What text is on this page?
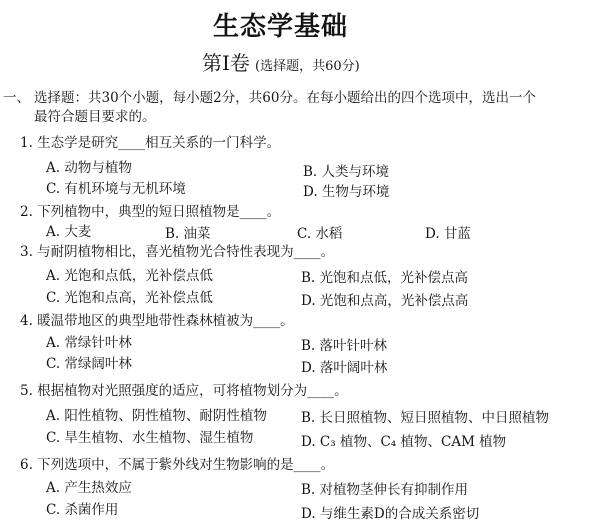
生态学基础
第Ⅰ卷 (选择题，共60分)
一、 选择题：共30个小题，每小题2分，共60分。在每小题给出的四个选项中，选出一个
最符合题目要求的。
1. 生态学是研究____相互关系的一门科学。
A. 动物与植物	B. 人类与环境
C. 有机环境与无机环境	D. 生物与环境
2. 下列植物中，典型的短日照植物是____。
A. 大麦	B. 油菜	C. 水稻	D. 甘蓝
3. 与耐阴植物相比，喜光植物光合特性表现为____。
A. 光饱和点低，光补偿点低	B. 光饱和点低，光补偿点高
C. 光饱和点高，光补偿点低	D. 光饱和点高，光补偿点高
4. 暖温带地区的典型地带性森林植被为____。
A. 常绿针叶林	B. 落叶针叶林
C. 常绿阔叶林	D. 落叶阔叶林
5. 根据植物对光照强度的适应，可将植物划分为____。
A. 阳性植物、阴性植物、耐阴性植物	B. 长日照植物、短日照植物、中日照植物
C. 旱生植物、水生植物、湿生植物	D. C₃ 植物、C₄ 植物、CAM 植物
6. 下列选项中，不属于紫外线对生物影响的是____。
A. 产生热效应	B. 对植物茎伸长有抑制作用
C. 杀菌作用	D. 与维生素D的合成关系密切
